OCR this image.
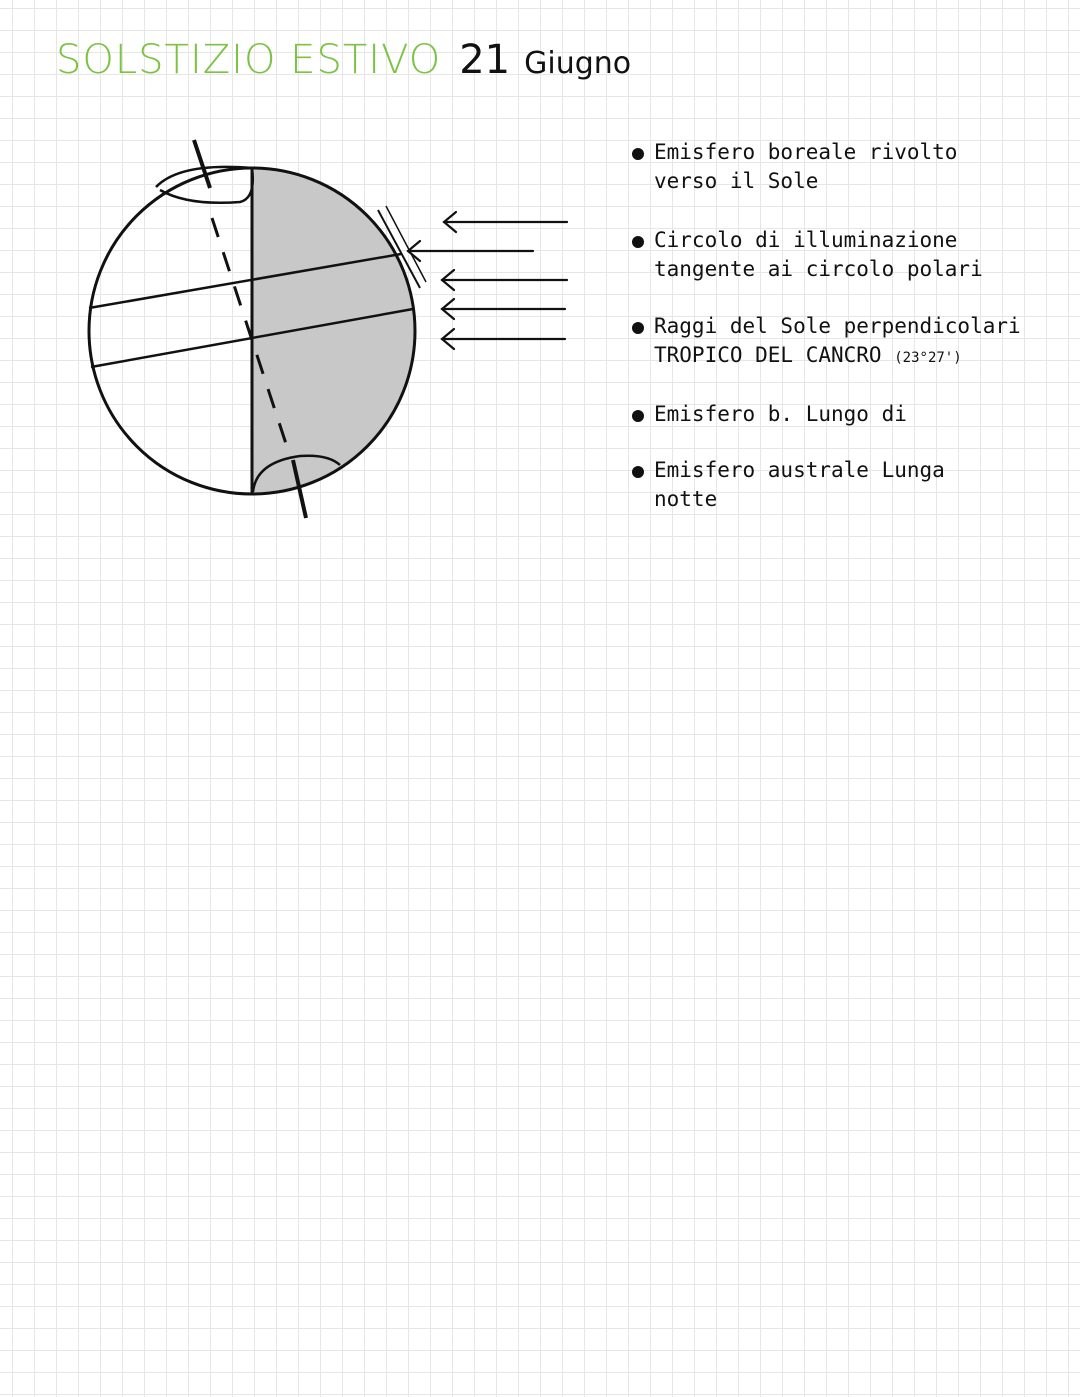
SOLSTIZIO ESTIVO 21 Giugno
Emisfero boreale rivolto
verso il Sole
Circolo di illuminazione
tangente ai circolo polari
Raggi del Sole perpendicolari
TROPICO DEL CANCRO (23°27')
Emisfero b. Lungo di
Emisfero australe Lunga
notte
